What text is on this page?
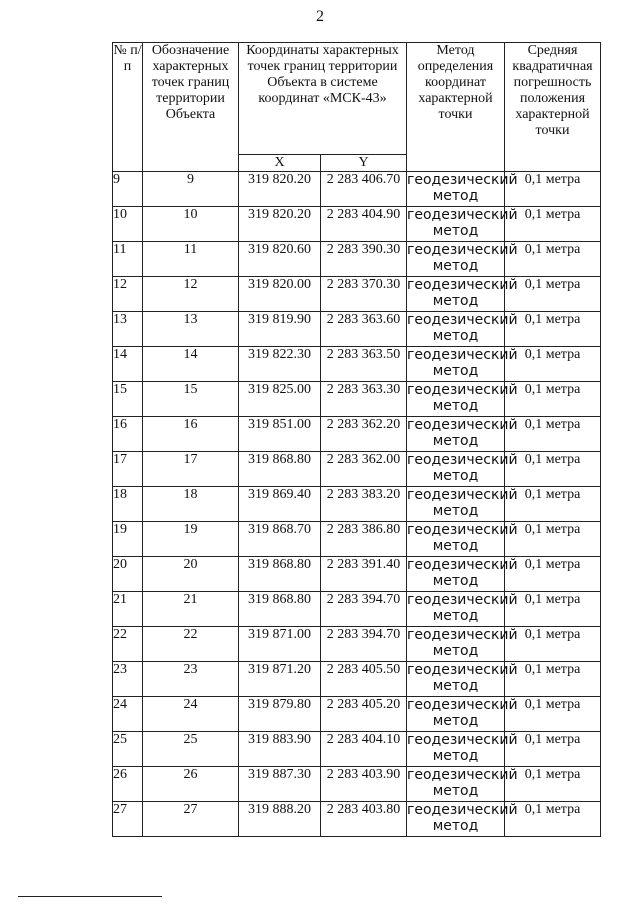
2
№ п/п	Обозначение характерных точек границ территории Объекта	Координаты характерных точек границ территории Объекта в системе координат «МСК-43»		Метод определения координат характерной точки	Средняя квадратичная погрешность положения характерной точки
		X	Y		
9	9	319 820.20	2 283 406.70	геодезический метод	0,1 метра
10	10	319 820.20	2 283 404.90	геодезический метод	0,1 метра
11	11	319 820.60	2 283 390.30	геодезический метод	0,1 метра
12	12	319 820.00	2 283 370.30	геодезический метод	0,1 метра
13	13	319 819.90	2 283 363.60	геодезический метод	0,1 метра
14	14	319 822.30	2 283 363.50	геодезический метод	0,1 метра
15	15	319 825.00	2 283 363.30	геодезический метод	0,1 метра
16	16	319 851.00	2 283 362.20	геодезический метод	0,1 метра
17	17	319 868.80	2 283 362.00	геодезический метод	0,1 метра
18	18	319 869.40	2 283 383.20	геодезический метод	0,1 метра
19	19	319 868.70	2 283 386.80	геодезический метод	0,1 метра
20	20	319 868.80	2 283 391.40	геодезический метод	0,1 метра
21	21	319 868.80	2 283 394.70	геодезический метод	0,1 метра
22	22	319 871.00	2 283 394.70	геодезический метод	0,1 метра
23	23	319 871.20	2 283 405.50	геодезический метод	0,1 метра
24	24	319 879.80	2 283 405.20	геодезический метод	0,1 метра
25	25	319 883.90	2 283 404.10	геодезический метод	0,1 метра
26	26	319 887.30	2 283 403.90	геодезический метод	0,1 метра
27	27	319 888.20	2 283 403.80	геодезический метод	0,1 метра
